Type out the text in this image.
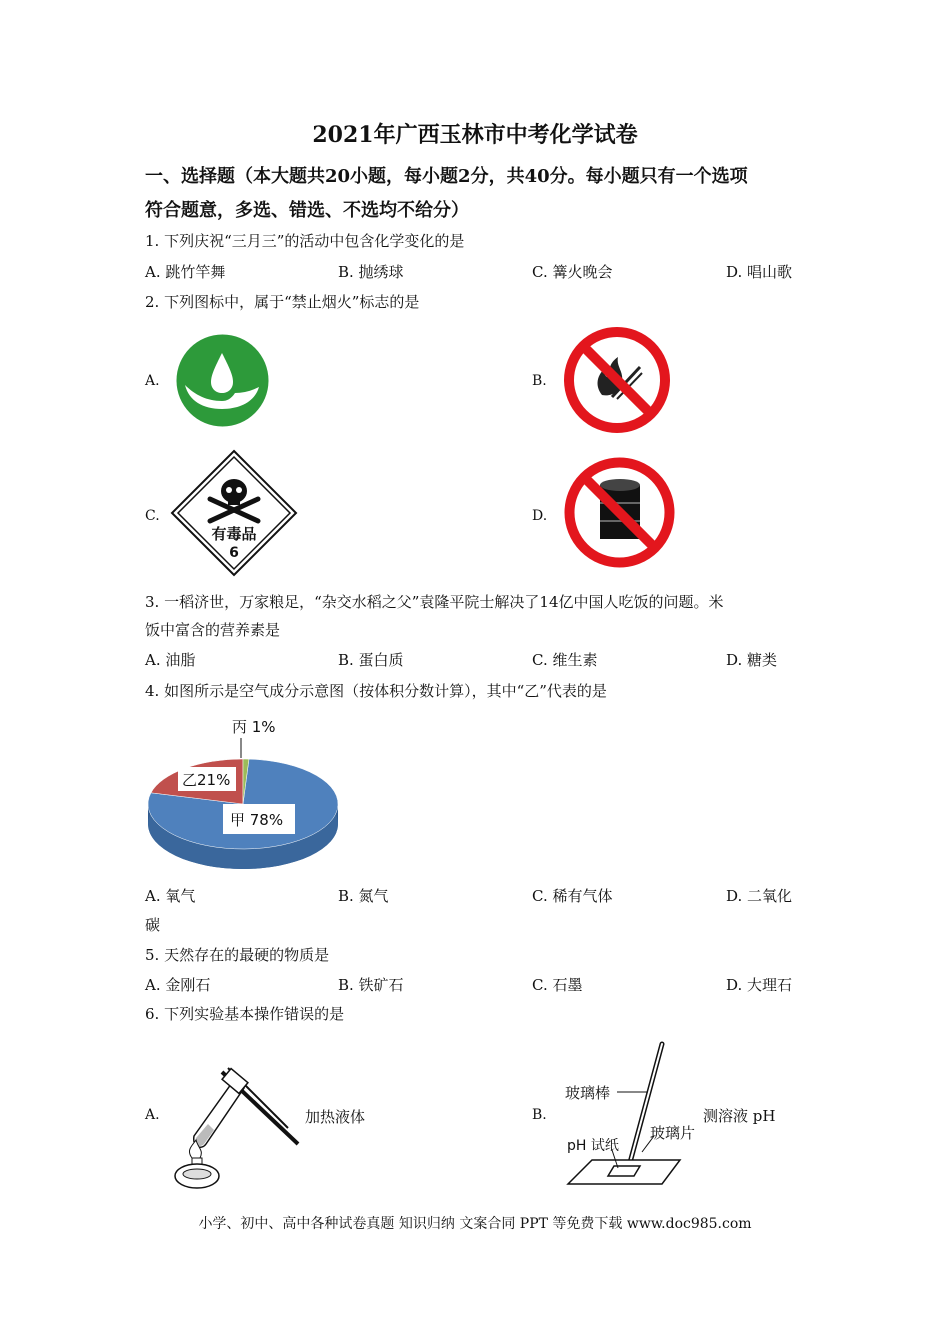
2021年广西玉林市中考化学试卷
一、选择题（本大题共20小题，每小题2分，共40分。每小题只有一个选项
符合题意，多选、错选、不选均不给分）
1. 下列庆祝“三月三”的活动中包含化学变化的是
A. 跳竹竿舞	B. 抛绣球	C. 篝火晚会	D. 唱山歌
2. 下列图标中，属于“禁止烟火”标志的是
A.	B.
C.
有毒品
6
D.
3. 一稻济世，万家粮足，“杂交水稻之父”袁隆平院士解决了14亿中国人吃饭的问题。米
饭中富含的营养素是
A. 油脂	B. 蛋白质	C. 维生素	D. 糖类
4. 如图所示是空气成分示意图（按体积分数计算），其中“乙”代表的是
丙 1%
乙21%
甲 78%
A. 氧气	B. 氮气	C. 稀有气体	D. 二氧化
碳
5. 天然存在的最硬的物质是
A. 金刚石	B. 铁矿石	C. 石墨	D. 大理石
6. 下列实验基本操作错误的是
A.	加热液体	B.
玻璃棒
pH 试纸
玻璃片
测溶液 pH
小学、初中、高中各种试卷真题 知识归纳 文案合同 PPT 等免费下载 www.doc985.com
